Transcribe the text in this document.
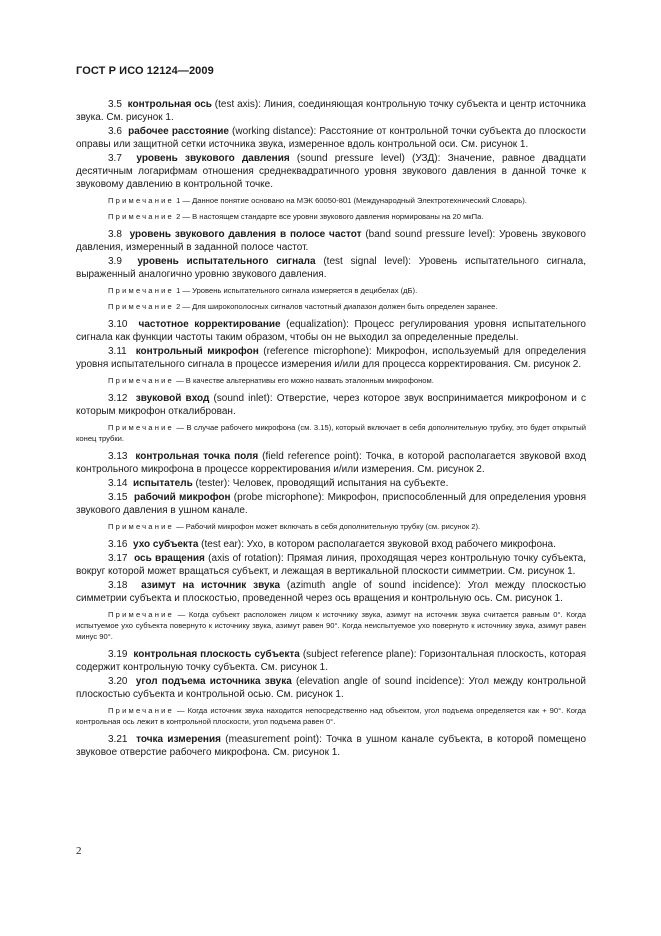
ГОСТ Р ИСО 12124—2009

3.5 контрольная ось (test axis): Линия, соединяющая контрольную точку субъекта и центр источника звука. См. рисунок 1.

3.6 рабочее расстояние (working distance): Расстояние от контрольной точки субъекта до плоскости оправы или защитной сетки источника звука, измеренное вдоль контрольной оси. См. рисунок 1.

3.7 уровень звукового давления (sound pressure level) (УЗД): Значение, равное двадцати десятичным логарифмам отношения среднеквадратичного уровня звукового давления в данной точке к звуковому давлению в контрольной точке.

Примечание 1 — Данное понятие основано на МЭК 60050-801 (Международный Электротехнический Словарь).

Примечание 2 — В настоящем стандарте все уровни звукового давления нормированы на 20 мкПа.

3.8 уровень звукового давления в полосе частот (band sound pressure level): Уровень звукового давления, измеренный в заданной полосе частот.

3.9 уровень испытательного сигнала (test signal level): Уровень испытательного сигнала, выраженный аналогично уровню звукового давления.

Примечание 1 — Уровень испытательного сигнала измеряется в децибелах (дБ).

Примечание 2 — Для широкополосных сигналов частотный диапазон должен быть определен заранее.

3.10 частотное корректирование (equalization): Процесс регулирования уровня испытательного сигнала как функции частоты таким образом, чтобы он не выходил за определенные пределы.

3.11 контрольный микрофон (reference microphone): Микрофон, используемый для определения уровня испытательного сигнала в процессе измерения и/или для процесса корректирования. См. рисунок 2.

Примечание — В качестве альтернативы его можно назвать эталонным микрофоном.

3.12 звуковой вход (sound inlet): Отверстие, через которое звук воспринимается микрофоном и с которым микрофон откалиброван.

Примечание — В случае рабочего микрофона (см. 3.15), который включает в себя дополнительную трубку, это будет открытый конец трубки.

3.13 контрольная точка поля (field reference point): Точка, в которой располагается звуковой вход контрольного микрофона в процессе корректирования и/или измерения. См. рисунок 2.

3.14 испытатель (tester): Человек, проводящий испытания на субъекте.

3.15 рабочий микрофон (probe microphone): Микрофон, приспособленный для определения уровня звукового давления в ушном канале.

Примечание — Рабочий микрофон может включать в себя дополнительную трубку (см. рисунок 2).

3.16 ухо субъекта (test ear): Ухо, в котором располагается звуковой вход рабочего микрофона.

3.17 ось вращения (axis of rotation): Прямая линия, проходящая через контрольную точку субъекта, вокруг которой может вращаться субъект, и лежащая в вертикальной плоскости симметрии. См. рисунок 1.

3.18 азимут на источник звука (azimuth angle of sound incidence): Угол между плоскостью симметрии субъекта и плоскостью, проведенной через ось вращения и контрольную ось. См. рисунок 1.

Примечание — Когда субъект расположен лицом к источнику звука, азимут на источник звука считается равным 0°. Когда испытуемое ухо субъекта повернуто к источнику звука, азимут равен 90°. Когда неиспытуемое ухо повернуто к источнику звука, азимут равен минус 90°.

3.19 контрольная плоскость субъекта (subject reference plane): Горизонтальная плоскость, которая содержит контрольную точку субъекта. См. рисунок 1.

3.20 угол подъема источника звука (elevation angle of sound incidence): Угол между контрольной плоскостью субъекта и контрольной осью. См. рисунок 1.

Примечание — Когда источник звука находится непосредственно над объектом, угол подъема определяется как + 90°. Когда контрольная ось лежит в контрольной плоскости, угол подъема равен 0°.

3.21 точка измерения (measurement point): Точка в ушном канале субъекта, в которой помещено звуковое отверстие рабочего микрофона. См. рисунок 1.

2
